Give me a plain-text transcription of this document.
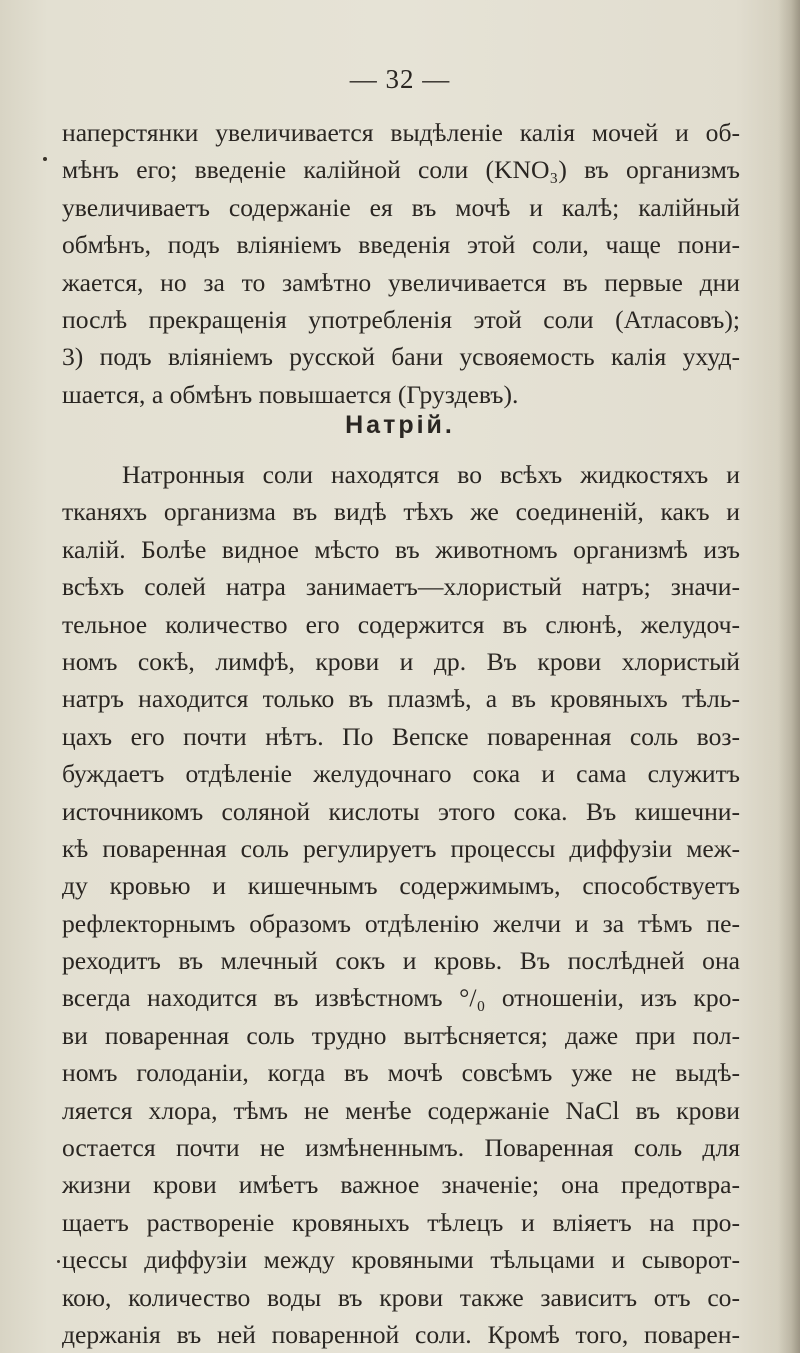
— 32 —
наперстянки увеличивается выдѣленіе калія мочей и об-
мѣнъ его; введеніе калійной соли (KNO₃) въ организмъ
увеличиваетъ содержаніе ея въ мочѣ и калѣ; калійный
обмѣнъ, подъ вліяніемъ введенія этой соли, чаще пони-
жается, но за то замѣтно увеличивается въ первые дни
послѣ прекращенія употребленія этой соли (Атласовъ);
3) подъ вліяніемъ русской бани усвояемость калія ухуд-
шается, а обмѣнъ повышается (Груздевъ).
Натрій.
Натронныя соли находятся во всѣхъ жидкостяхъ и
тканяхъ организма въ видѣ тѣхъ же соединеній, какъ и
калій. Болѣе видное мѣсто въ животномъ организмѣ изъ
всѣхъ солей натра занимаетъ—хлористый натръ; значи-
тельное количество его содержится въ слюнѣ, желудоч-
номъ сокѣ, лимфѣ, крови и др. Въ крови хлористый
натръ находится только въ плазмѣ, а въ кровяныхъ тѣль-
цахъ его почти нѣтъ. По Вепске поваренная соль воз-
буждаетъ отдѣленіе желудочнаго сока и сама служитъ
источникомъ соляной кислоты этого сока. Въ кишечни-
кѣ поваренная соль регулируетъ процессы диффузіи меж-
ду кровью и кишечнымъ содержимымъ, способствуетъ
рефлекторнымъ образомъ отдѣленію желчи и за тѣмъ пе-
реходитъ въ млечный сокъ и кровь. Въ послѣдней она
всегда находится въ извѣстномъ °/₀ отношеніи, изъ кро-
ви поваренная соль трудно вытѣсняется; даже при пол-
номъ голоданіи, когда въ мочѣ совсѣмъ уже не выдѣ-
ляется хлора, тѣмъ не менѣе содержаніе NaCl въ крови
остается почти не измѣненнымъ. Поваренная соль для
жизни крови имѣетъ важное значеніе; она предотвра-
щаетъ раствореніе кровяныхъ тѣлецъ и вліяетъ на про-
цессы диффузіи между кровяными тѣльцами и сыворот-
кою, количество воды въ крови также зависитъ отъ со-
держанія въ ней поваренной соли. Кромѣ того, поварен-
